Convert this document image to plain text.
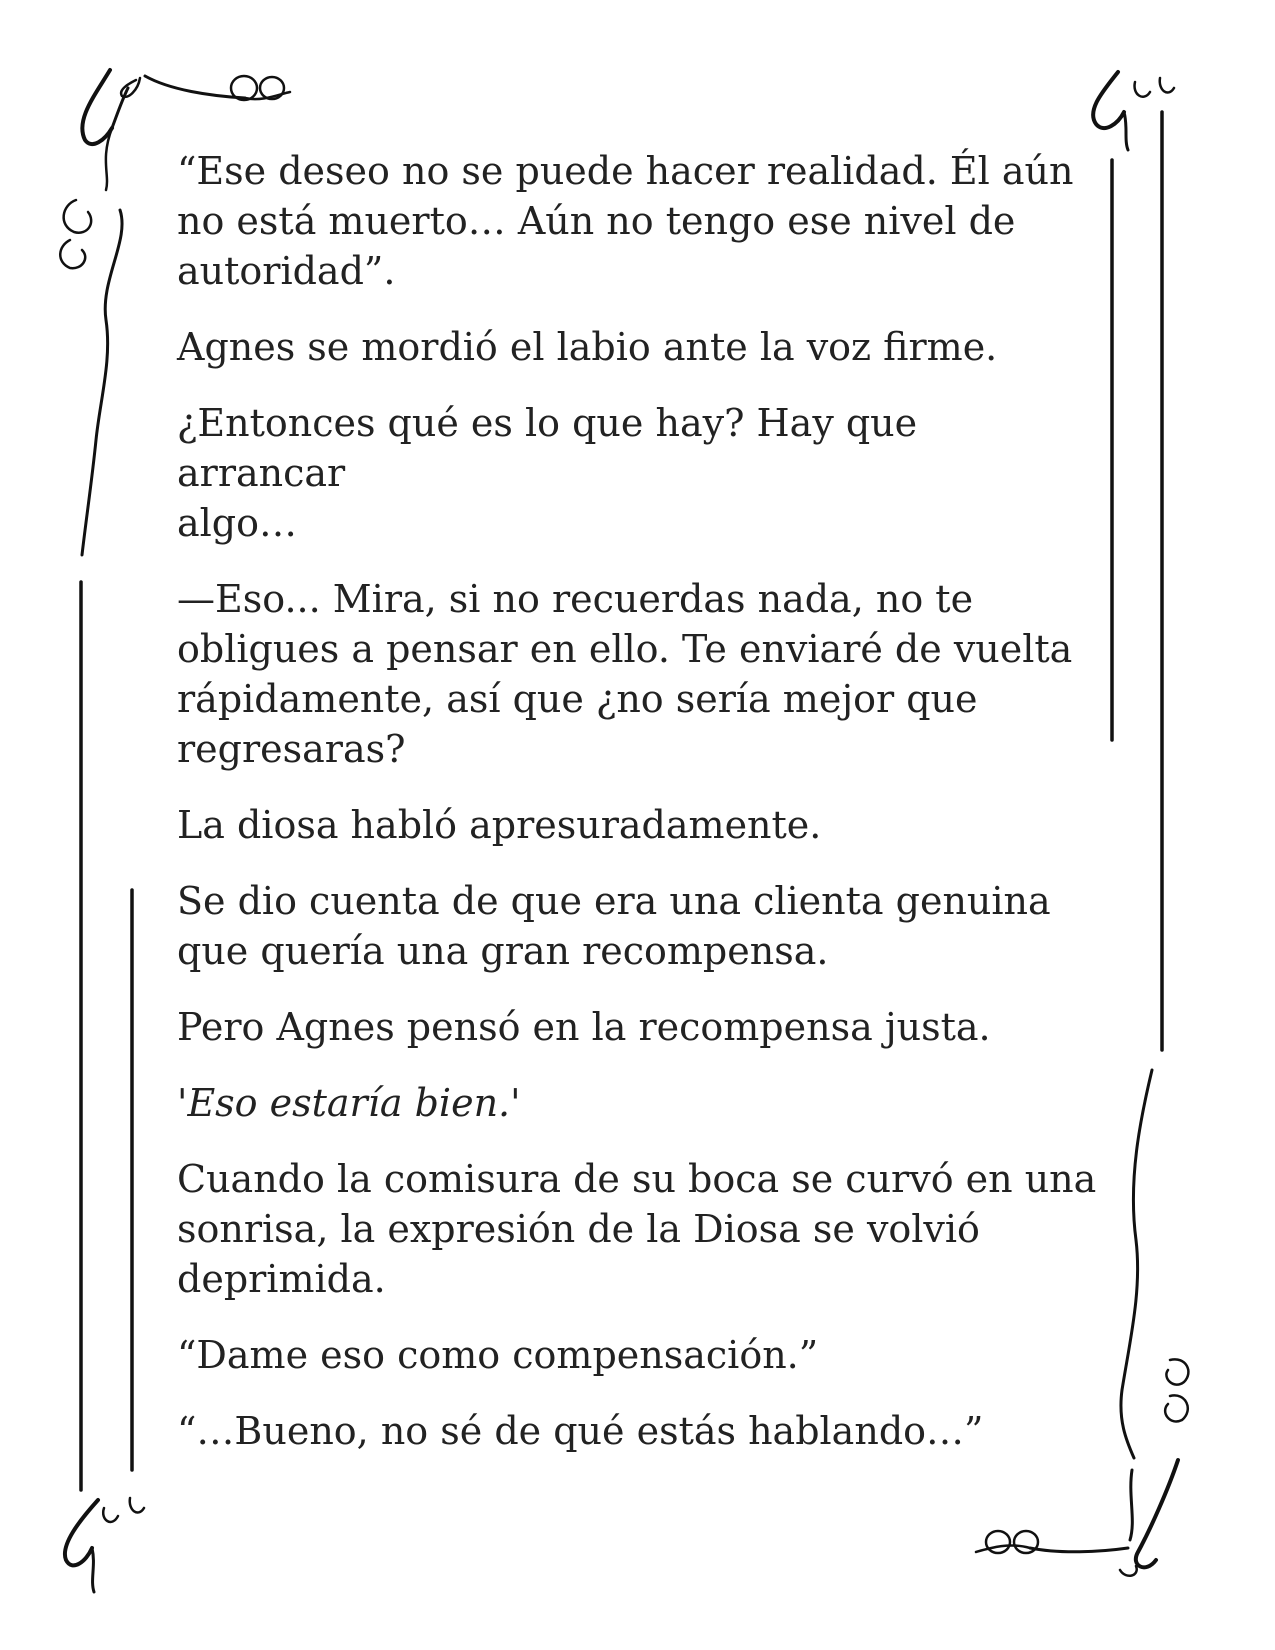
“Ese deseo no se puede hacer realidad. Él aún
no está muerto… Aún no tengo ese nivel de
autoridad”.

Agnes se mordió el labio ante la voz firme.

¿Entonces qué es lo que hay? Hay que arrancar
algo…

—Eso... Mira, si no recuerdas nada, no te
obligues a pensar en ello. Te enviaré de vuelta
rápidamente, así que ¿no sería mejor que
regresaras?

La diosa habló apresuradamente.

Se dio cuenta de que era una clienta genuina
que quería una gran recompensa.

Pero Agnes pensó en la recompensa justa.

'Eso estaría bien.'

Cuando la comisura de su boca se curvó en una
sonrisa, la expresión de la Diosa se volvió
deprimida.

“Dame eso como compensación.”

“…Bueno, no sé de qué estás hablando…”
